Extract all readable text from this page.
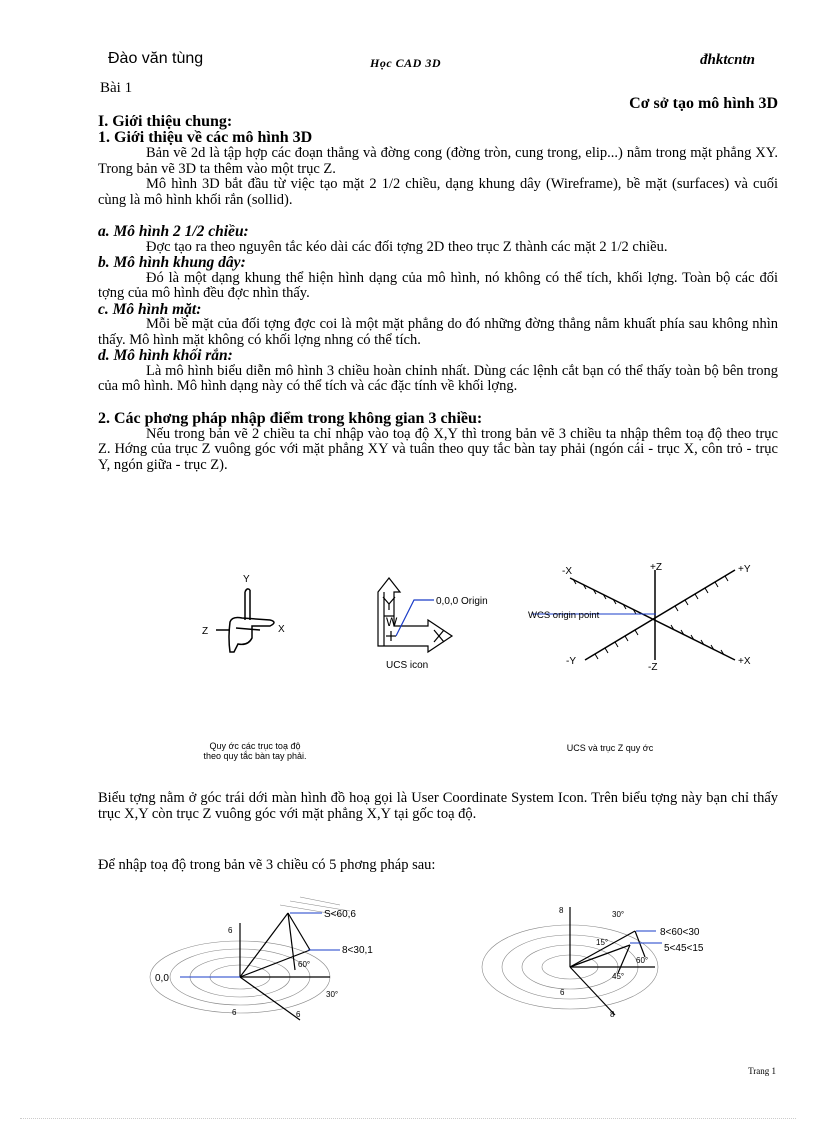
Đào văn tùng	Học CAD 3D	đhktcntn
Bài 1
Cơ sở tạo mô hình 3D
I. Giới thiệu chung:
1. Giới thiệu về các mô hình 3D

Bản vẽ 2d là tập hợp các đoạn thẳng và đờng cong (đờng tròn, cung trong, elip...) nằm trong mặt phẳng XY. Trong bản vẽ 3D ta thêm vào một trục Z.

Mô hình 3D bắt đầu từ việc tạo mặt 2 1/2 chiều, dạng khung dây (Wireframe), bề mặt (surfaces) và cuối cùng là mô hình khối rắn (sollid).

a. Mô hình 2 1/2 chiều:

Đợc tạo ra theo nguyên tắc kéo dài các đối tợng 2D theo trục Z thành các mặt 2 1/2 chiều.

b. Mô hình khung dây:

Đó là một dạng khung thể hiện hình dạng của mô hình, nó không có thể tích, khối lợng. Toàn bộ các đối tợng của mô hình đều đợc nhìn thấy.

c. Mô hình mặt:

Mỗi bề mặt của đối tợng đợc coi là một mặt phẳng do đó những đờng thẳng nằm khuất phía sau không nhìn thấy. Mô hình mặt không có khối lợng nhng có thể tích.

d. Mô hình khối rắn:

Là mô hình biểu diễn mô hình 3 chiều hoàn chỉnh nhất. Dùng các lệnh cắt bạn có thể thấy toàn bộ bên trong của mô hình. Mô hình dạng này có thể tích và các đặc tính về khối lợng.

2. Các phơng pháp nhập điểm trong không gian 3 chiều:

Nếu trong bản vẽ 2 chiều ta chỉ nhập vào toạ độ X,Y thì trong bản vẽ 3 chiều ta nhập thêm toạ độ theo trục Z. Hớng của trục Z vuông góc với mặt phẳng XY và tuân theo quy tắc bàn tay phải (ngón cái - trục X, côn trỏ - trục Y, ngón giữa - trục Z).

Y
Z	X
W
0,0,0 Origin
UCS icon
-X	+Z	+Y
WCS origin point
-Y
-Z
+X
Quy ớc các trục toạ độ
theo quy tắc bàn tay phải.
UCS và trục Z quy ớc
Biểu tợng nằm ở góc trái dới màn hình đồ hoạ gọi là User Coordinate System Icon. Trên biểu tợng này bạn chỉ thấy trục X,Y còn trục Z vuông góc với mặt phẳng X,Y tại gốc toạ độ.
Để nhập toạ độ trong bản vẽ 3 chiều có 5 phơng pháp sau:
S<60,6
8<30,1
0,0
6
6	6
30°
60°
8<60<30
5<45<15
8
6
8
30°
15°
60°
45°
Trang 1
